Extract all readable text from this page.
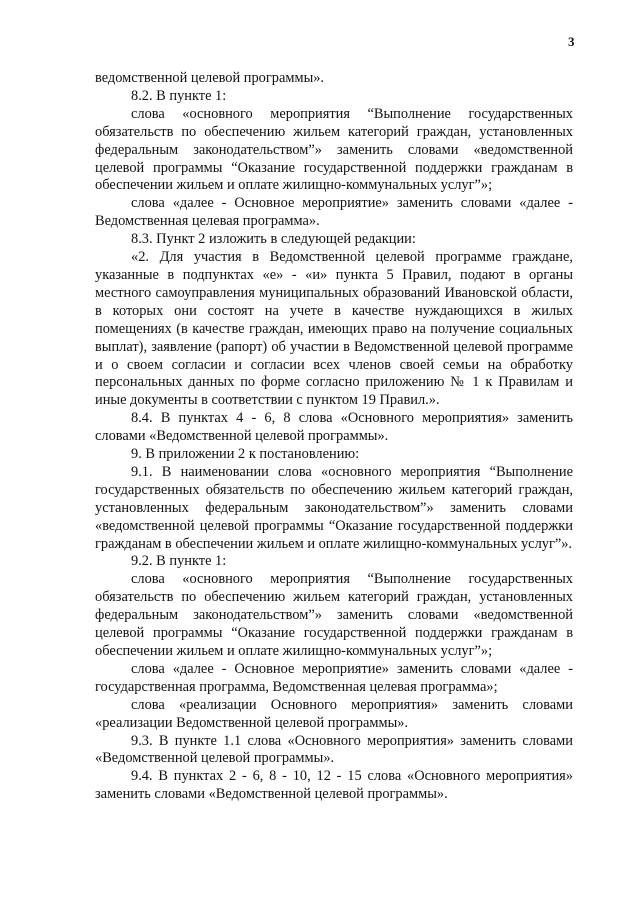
3

ведомственной целевой программы».

8.2. В пункте 1:

слова «основного мероприятия “Выполнение государственных обязательств по обеспечению жильем категорий граждан, установленных федеральным законодательством”» заменить словами «ведомственной целевой программы “Оказание государственной поддержки гражданам в обеспечении жильем и оплате жилищно-коммунальных услуг”»;

слова «далее - Основное мероприятие» заменить словами «далее - Ведомственная целевая программа».

8.3. Пункт 2 изложить в следующей редакции:

«2. Для участия в Ведомственной целевой программе граждане, указанные в подпунктах «е» - «и» пункта 5 Правил, подают в органы местного самоуправления муниципальных образований Ивановской области, в которых они состоят на учете в качестве нуждающихся в жилых помещениях (в качестве граждан, имеющих право на получение социальных выплат), заявление (рапорт) об участии в Ведомственной целевой программе и о своем согласии и согласии всех членов своей семьи на обработку персональных данных по форме согласно приложению № 1 к Правилам и иные документы в соответствии с пунктом 19 Правил.».

8.4. В пунктах 4 - 6, 8 слова «Основного мероприятия» заменить словами «Ведомственной целевой программы».

9. В приложении 2 к постановлению:

9.1. В наименовании слова «основного мероприятия “Выполнение государственных обязательств по обеспечению жильем категорий граждан, установленных федеральным законодательством”» заменить словами «ведомственной целевой программы “Оказание государственной поддержки гражданам в обеспечении жильем и оплате жилищно-коммунальных услуг”».

9.2. В пункте 1:

слова «основного мероприятия “Выполнение государственных обязательств по обеспечению жильем категорий граждан, установленных федеральным законодательством”» заменить словами «ведомственной целевой программы “Оказание государственной поддержки гражданам в обеспечении жильем и оплате жилищно-коммунальных услуг”»;

слова «далее - Основное мероприятие» заменить словами «далее - государственная программа, Ведомственная целевая программа»;

слова «реализации Основного мероприятия» заменить словами «реализации Ведомственной целевой программы».

9.3. В пункте 1.1 слова «Основного мероприятия» заменить словами «Ведомственной целевой программы».

9.4. В пунктах 2 - 6, 8 - 10, 12 - 15 слова «Основного мероприятия» заменить словами «Ведомственной целевой программы».
